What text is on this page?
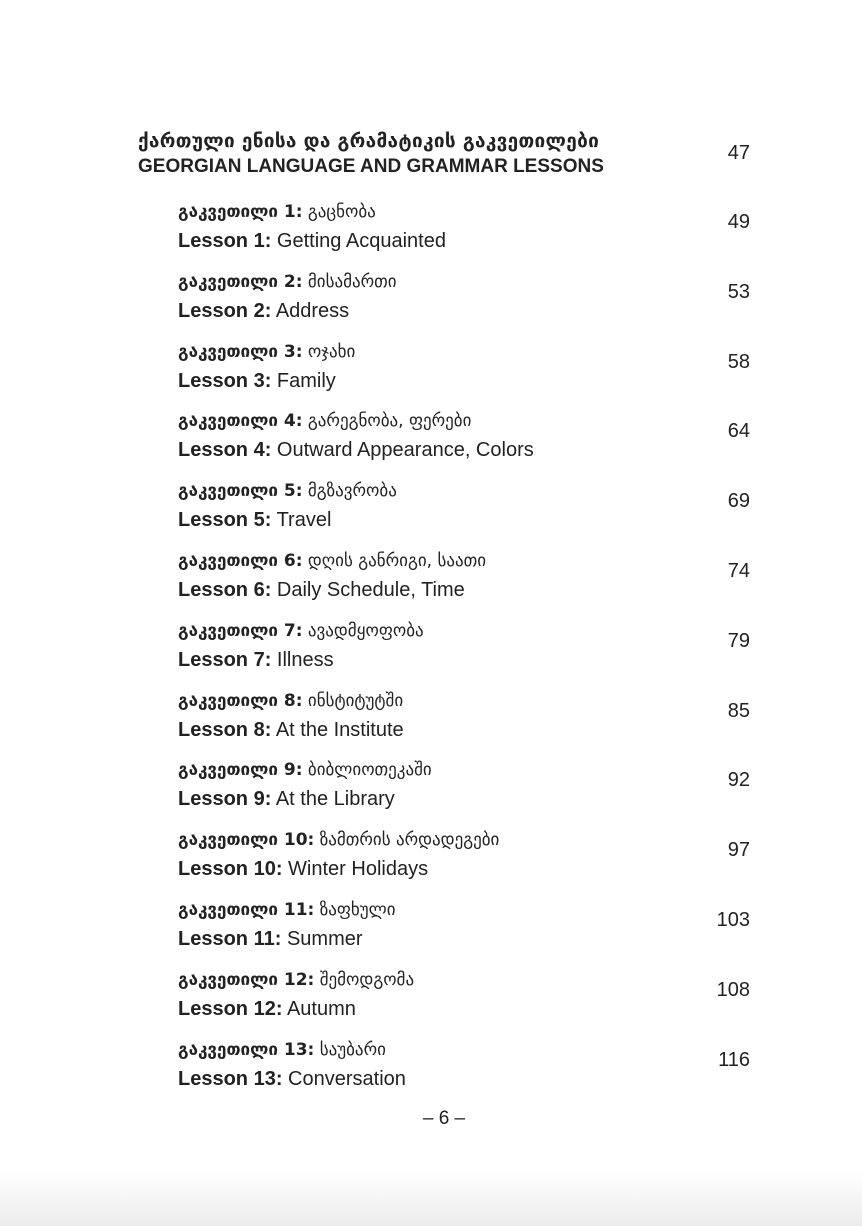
ქართული ენისა და გრამატიკის გაკვეთილები
GEORGIAN LANGUAGE AND GRAMMAR LESSONS
47
გაკვეთილი 1: გაცნობა
Lesson 1: Getting Acquainted
49
გაკვეთილი 2: მისამართი
Lesson 2: Address
53
გაკვეთილი 3: ოჯახი
Lesson 3: Family
58
გაკვეთილი 4: გარეგნობა, ფერები
Lesson 4: Outward Appearance, Colors
64
გაკვეთილი 5: მგზავრობა
Lesson 5: Travel
69
გაკვეთილი 6: დღის განრიგი, საათი
Lesson 6: Daily Schedule, Time
74
გაკვეთილი 7: ავადმყოფობა
Lesson 7: Illness
79
გაკვეთილი 8: ინსტიტუტში
Lesson 8: At the Institute
85
გაკვეთილი 9: ბიბლიოთეკაში
Lesson 9: At the Library
92
გაკვეთილი 10: ზამთრის არდადეგები
Lesson 10: Winter Holidays
97
გაკვეთილი 11: ზაფხული
Lesson 11: Summer
103
გაკვეთილი 12: შემოდგომა
Lesson 12: Autumn
108
გაკვეთილი 13: საუბარი
Lesson 13: Conversation
116
– 6 –
